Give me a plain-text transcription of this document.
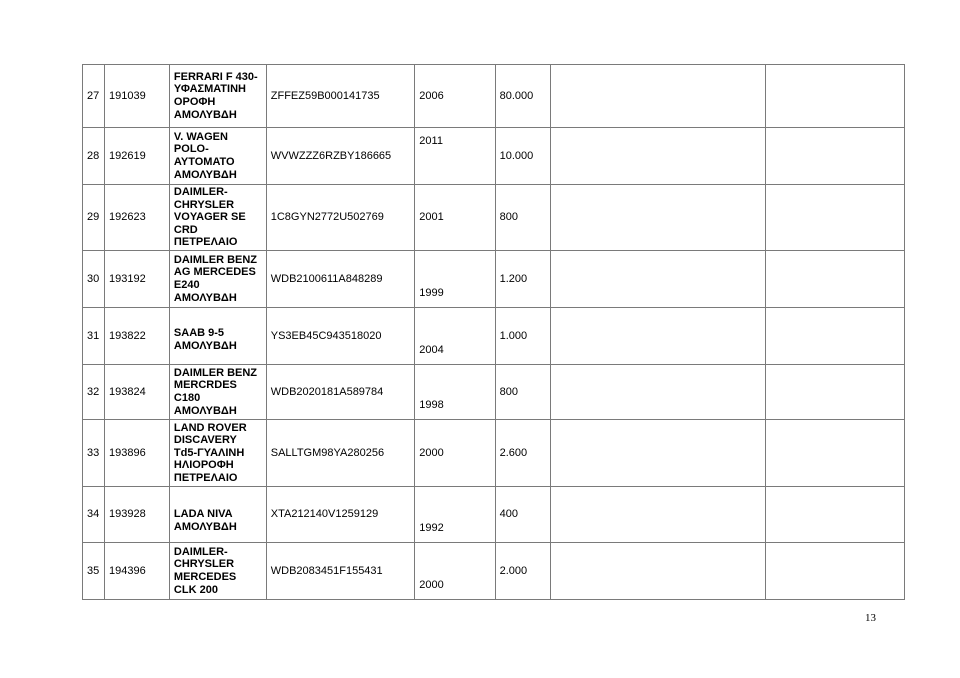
27	191039	FERRARI F 430-ΥΦΑΣΜΑΤΙΝΗ ΟΡΟΦΗ ΑΜΟΛΥΒΔΗ	ZFFEZ59B000141735	2006	80.000		
28	192619	V. WAGEN POLO-ΑΥΤΟΜΑΤΟ ΑΜΟΛΥΒΔΗ	WVWZZZ6RZBY186665	2011	10.000		
29	192623	DAIMLER-CHRYSLER VOYAGER SE CRD ΠΕΤΡΕΛΑΙΟ	1C8GYN2772U502769	2001	800		
30	193192	DAIMLER BENZ AG MERCEDES E240 ΑΜΟΛΥΒΔΗ	WDB2100611A848289	1999	1.200		
31	193822	SAAB 9-5 ΑΜΟΛΥΒΔΗ	YS3EB45C943518020	2004	1.000		
32	193824	DAIMLER BENZ MERCRDES C180 ΑΜΟΛΥΒΔΗ	WDB2020181A589784	1998	800		
33	193896	LAND ROVER DISCAVERY Td5-ΓΥΑΛΙΝΗ ΗΛΙΟΡΟΦΗ ΠΕΤΡΕΛΑΙΟ	SALLTGM98YA280256	2000	2.600		
34	193928	LADA NIVA ΑΜΟΛΥΒΔΗ	XTA212140V1259129	1992	400		
35	194396	DAIMLER-CHRYSLER MERCEDES CLK 200	WDB2083451F155431	2000	2.000		
13
